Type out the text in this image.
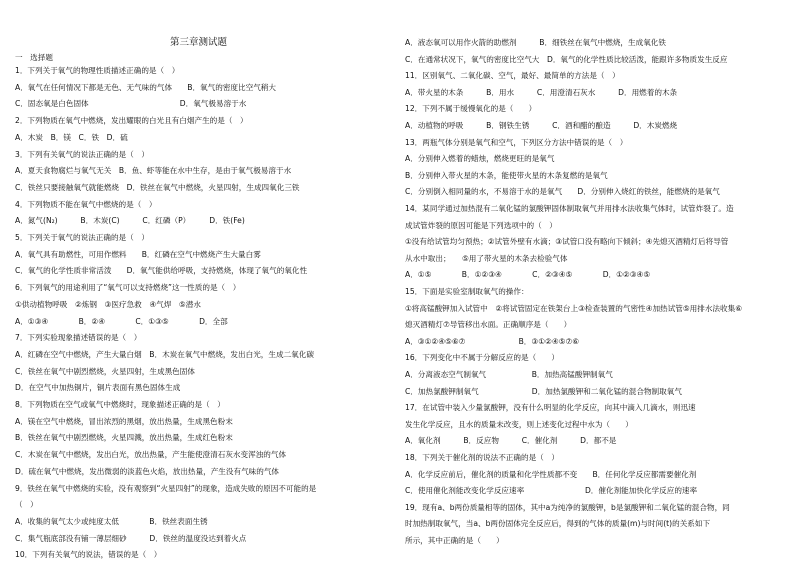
第三章测试题
一　选择题
1．下列关于氧气的物理性质描述正确的是（　）
A．氧气在任何情况下都是无色、无气味的气体　　B．氧气的密度比空气稍大
C．固态氧是白色固体　　　　　　　　　　　　D．氧气极易溶于水
2．下列物质在氧气中燃烧，发出耀眼的白光且有白烟产生的是（　）
A．木炭　B．镁　C．铁　D．硫
3．下列有关氧气的说法正确的是（　）
A．夏天食物腐烂与氧气无关　B．鱼、虾等能在水中生存，是由于氧气极易溶于水
C．铁丝只要接触氧气就能燃烧　D．铁丝在氧气中燃烧，火星四射，生成四氧化三铁
4．下列物质不能在氧气中燃烧的是（　）
A．氮气(N₂)　　　B．木炭(C)　　　C．红磷（P）　　　D．铁(Fe)
5．下列关于氧气的说法正确的是（　）
A．氧气具有助燃性，可用作燃料　　B．红磷在空气中燃烧产生大量白雾
C．氧气的化学性质非常活泼　　D．氧气能供给呼吸，支持燃烧，体现了氧气的氧化性
6．下列氧气的用途利用了“氧气可以支持燃烧”这一性质的是（　）
①供动植物呼吸　②炼钢　③医疗急救　④气焊　⑤潜水
A．①③④　　　　B．②④　　　　C．①③⑤　　　　D．全部
7．下列实验现象描述错误的是（　）
A．红磷在空气中燃烧，产生大量白烟　B．木炭在氧气中燃烧，发出白光，生成二氧化碳
C．铁丝在氧气中剧烈燃烧，火星四射，生成黑色固体
D．在空气中加热铜片，铜片表面有黑色固体生成
8．下列物质在空气或氧气中燃烧时，现象描述正确的是（　）
A．镁在空气中燃烧，冒出浓烈的黑烟，放出热量，生成黑色粉末
B．铁丝在氧气中剧烈燃烧，火星四溅，放出热量，生成红色粉末
C．木炭在氧气中燃烧，发出白光，放出热量，产生能使澄清石灰水变浑浊的气体
D．硫在氧气中燃烧，发出微弱的淡蓝色火焰，放出热量，产生没有气味的气体
9．铁丝在氧气中燃烧的实验，没有观察到“火星四射”的现象，造成失败的原因不可能的是
（　）
A．收集的氧气太少或纯度太低　　　　B．铁丝表面生锈
C．集气瓶底部没有铺一薄层细砂　　　D．铁丝的温度没达到着火点
10．下列有关氧气的说法，错误的是（　）
A．液态氧可以用作火箭的助燃剂　　　B．细铁丝在氧气中燃烧，生成氧化铁
C．在通常状况下，氧气的密度比空气大　D．氧气的化学性质比较活泼，能跟许多物质发生反应
11．区别氧气、二氧化碳、空气，最好、最简单的方法是（　）
A．带火星的木条　　　B．用水　　　C．用澄清石灰水　　　D．用燃着的木条
12．下列不属于缓慢氧化的是（　　）
A．动植物的呼吸　　　B．钢铁生锈　　　C．酒和醋的酿造　　　D．木炭燃烧
13．两瓶气体分别是氧气和空气，下列区分方法中错误的是（　）
A．分别伸入燃着的蜡烛，燃烧更旺的是氧气
B．分别伸入带火星的木条，能使带火星的木条复燃的是氧气
C．分别倒入相同量的水，不易溶于水的是氧气　　D．分别伸入烧红的铁丝，能燃烧的是氧气
14．某同学通过加热混有二氧化锰的氯酸钾固体制取氧气并用排水法收集气体时，试管炸裂了。造
成试管炸裂的原因可能是下列选项中的（　）
①没有给试管均匀预热；②试管外壁有水滴；③试管口没有略向下倾斜；④先熄灭酒精灯后将导管
从水中取出；　　⑤用了带火星的木条去检验气体
A．①⑤　　　　B．①②③④　　　　C．②③④⑤　　　　D．①②③④⑤
15．下面是实验室制取氧气的操作：
①将高锰酸钾加入试管中　②将试管固定在铁架台上③检查装置的气密性④加热试管⑤用排水法收集⑥
熄灭酒精灯⑦导管移出水面。正确顺序是（　　）
A．③①②④⑤⑥⑦　　　　　　　B．③①②④⑤⑦⑥
16．下列变化中不属于分解反应的是（　　）
A．分离液态空气制氧气　　　　　　B．加热高锰酸钾制氧气
C．加热氯酸钾制氧气　　　　　　　D．加热氯酸钾和二氧化锰的混合物制取氧气
17．在试管中装入少量氯酸钾，没有什么明显的化学反应，向其中滴入几滴水，则迅速
发生化学反应，且水的质量未改变，则上述变化过程中水为（　　）
A．氧化剂　　　B．反应物　　　C．催化剂　　　D．都不是
18．下列关于催化剂的说法不正确的是（　）
A．化学反应前后，催化剂的质量和化学性质都不变　　B．任何化学反应都需要催化剂
C．使用催化剂能改变化学反应速率　　　　　　　　D．催化剂能加快化学反应的速率
19．现有a、b两份质量相等的固体，其中a为纯净的氯酸钾，b是氯酸钾和二氧化锰的混合物，同
时加热制取氧气，当a、b两份固体完全反应后，得到的气体的质量(m)与时间(t)的关系如下
所示，其中正确的是（　　）
